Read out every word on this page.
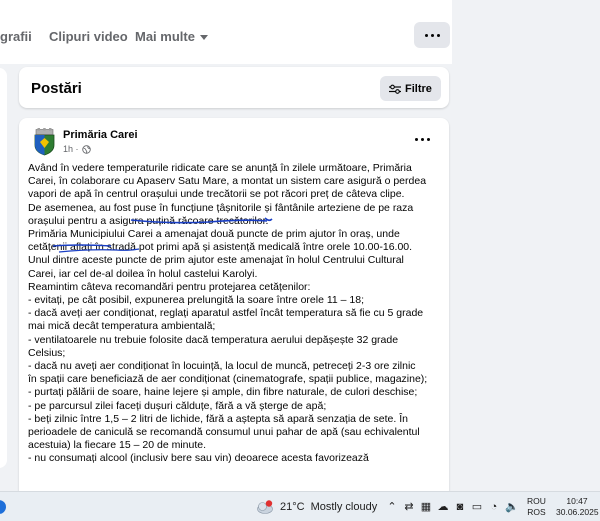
grafii Clipuri video Mai multe
Postări	Filtre
Primăria Carei
1h ·

Având în vedere temperaturile ridicate care se anunță în zilele următoare, Primăria

Carei, în colaborare cu Apaserv Satu Mare, a montat un sistem care asigură o perdea

vapori de apă în centrul orașului unde trecătorii se pot răcori preț de câteva clipe.

De asemenea, au fost puse în funcțiune țâșnitorile și fântânile arteziene de pe raza

orașului pentru a asigura puțină răcoare trecătorilor.

Primăria Municipiului Carei a amenajat două puncte de prim ajutor în oraș, unde

cetățenii aflați în stradă pot primi apă și asistență medicală între orele 10.00-16.00.

Unul dintre aceste puncte de prim ajutor este amenajat în holul Centrului Cultural

Carei, iar cel de-al doilea în holul castelui Karolyi.

Reamintim câteva recomandări pentru protejarea cetățenilor:

- evitați, pe cât posibil, expunerea prelungită la soare între orele 11 – 18;

- dacă aveți aer condiționat, reglați aparatul astfel încât temperatura să fie cu 5 grade

mai mică decât temperatura ambientală;

- ventilatoarele nu trebuie folosite dacă temperatura aerului depășește 32 grade

Celsius;

- dacă nu aveți aer condiționat în locuință, la locul de muncă, petreceți 2-3 ore zilnic

în spații care beneficiază de aer condiționat (cinematografe, spații publice, magazine);

- purtați pălării de soare, haine lejere și ample, din fibre naturale, de culori deschise;

- pe parcursul zilei faceți dușuri călduțe, fără a vă șterge de apă;

- beți zilnic între 1,5 – 2 litri de lichide, fără a aștepta să apară senzația de sete. În

perioadele de caniculă se recomandă consumul unui pahar de apă (sau echivalentul

acestuia) la fiecare 15 – 20 de minute.

- nu consumați alcool (inclusiv bere sau vin) deoarece acesta favorizează

21°C Mostly cloudy ⌃ ⇄ ▦ ☁ ◙ ▭ ◔ 🔈 ROU
ROS
10:47
30.06.2025
